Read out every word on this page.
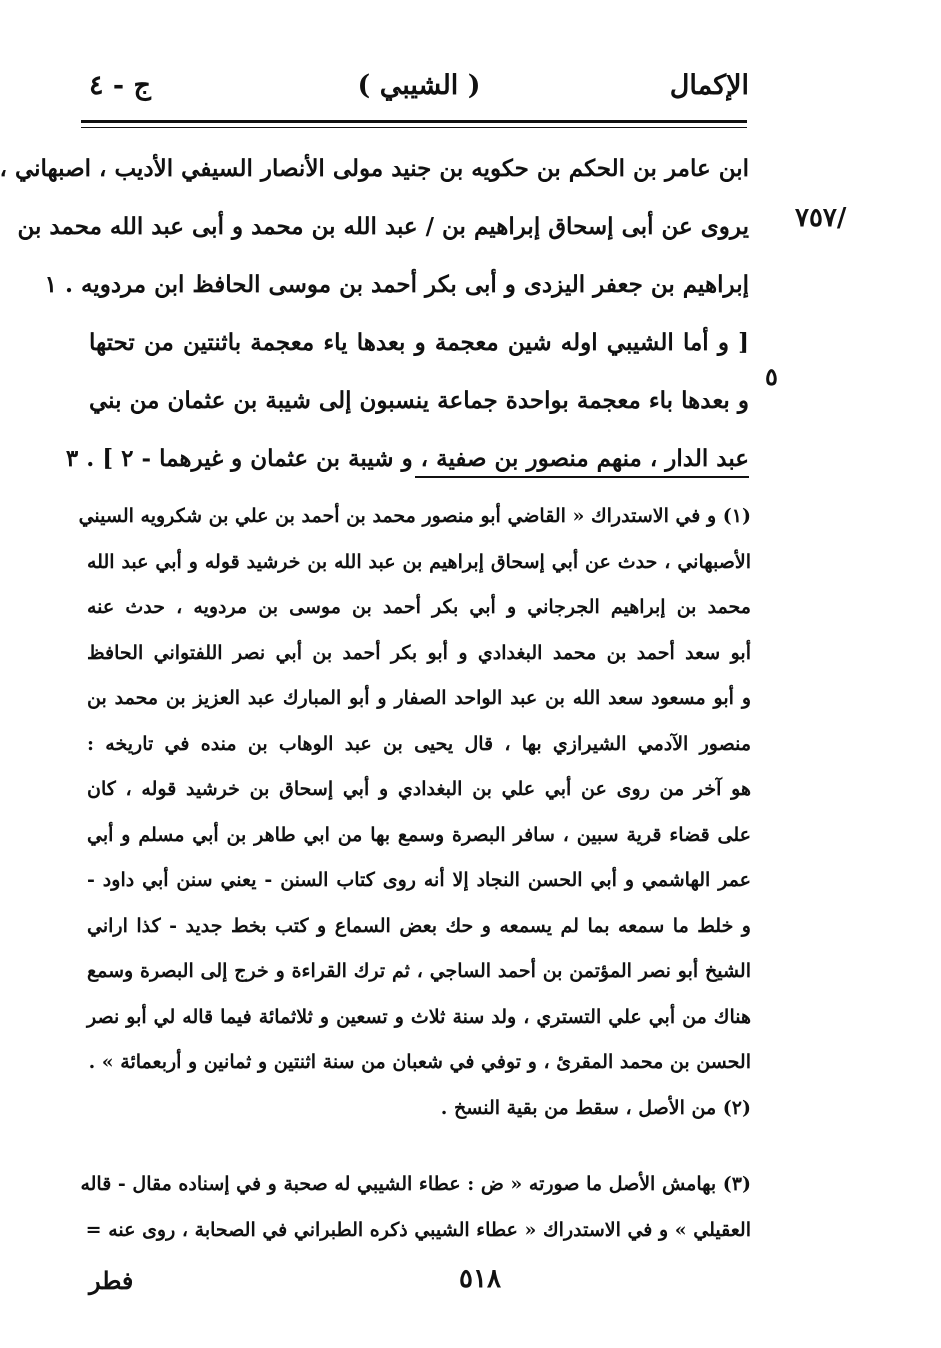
الإكمال
( الشيبي )
ج - ٤
/٧٥٧
٥
ابن عامر بن الحكم بن حكويه بن جنيد مولى الأنصار السيفي الأديب ، اصبهاني ،
يروى عن أبى إسحاق إبراهيم بن / عبد الله بن محمد و أبى عبد الله محمد بن
إبراهيم بن جعفر اليزدى و أبى بكر أحمد بن موسى الحافظ ابن مردويه . ١
[ و أما الشيبي اوله شين معجمة و بعدها ياء معجمة باثنتين من تحتها
و بعدها باء معجمة بواحدة جماعة ينسبون إلى شيبة بن عثمان من بني
عبد الدار ، منهم منصور بن صفية ، و شيبة بن عثمان و غيرهما - ٢ ] . ٣
(١) و في الاستدراك « القاضي أبو منصور محمد بن أحمد بن علي بن شكرويه السيني
الأصبهاني ، حدث عن أبي إسحاق إبراهيم بن عبد الله بن خرشيد قوله و أبي عبد الله
محمد بن إبراهيم الجرجاني و أبي بكر أحمد بن موسى بن مردويه ، حدث عنه
أبو سعد أحمد بن محمد البغدادي و أبو بكر أحمد بن أبي نصر اللفتواني الحافظ
و أبو مسعود سعد الله بن عبد الواحد الصفار و أبو المبارك عبد العزيز بن محمد بن
منصور الآدمي الشيرازي بها ، قال يحيى بن عبد الوهاب بن منده في تاريخه :
هو آخر من روى عن أبي علي بن البغدادي و أبي إسحاق بن خرشيد قوله ، كان
على قضاء قرية سبين ، سافر البصرة وسمع بها من ابي طاهر بن أبي مسلم و أبي
عمر الهاشمي و أبي الحسن النجاد إلا أنه روى كتاب السنن - يعني سنن أبي داود -
و خلط ما سمعه بما لم يسمعه و حك بعض السماع و كتب بخط جديد - كذا اراني
الشيخ أبو نصر المؤتمن بن أحمد الساجي ، ثم ترك القراءة و خرج إلى البصرة وسمع
هناك من أبي علي التستري ، ولد سنة ثلاث و تسعين و ثلاثمائة فيما قاله لي أبو نصر
الحسن بن محمد المقرئ ، و توفي في شعبان من سنة اثنتين و ثمانين و أربعمائة » .
(٢) من الأصل ، سقط من بقية النسخ .
(٣) بهامش الأصل ما صورته « ض : عطاء الشيبي له صحبة و في إسناده مقال - قاله
العقيلي » و في الاستدراك « عطاء الشيبي ذكره الطبراني في الصحابة ، روى عنه =
٥١٨
فطر
